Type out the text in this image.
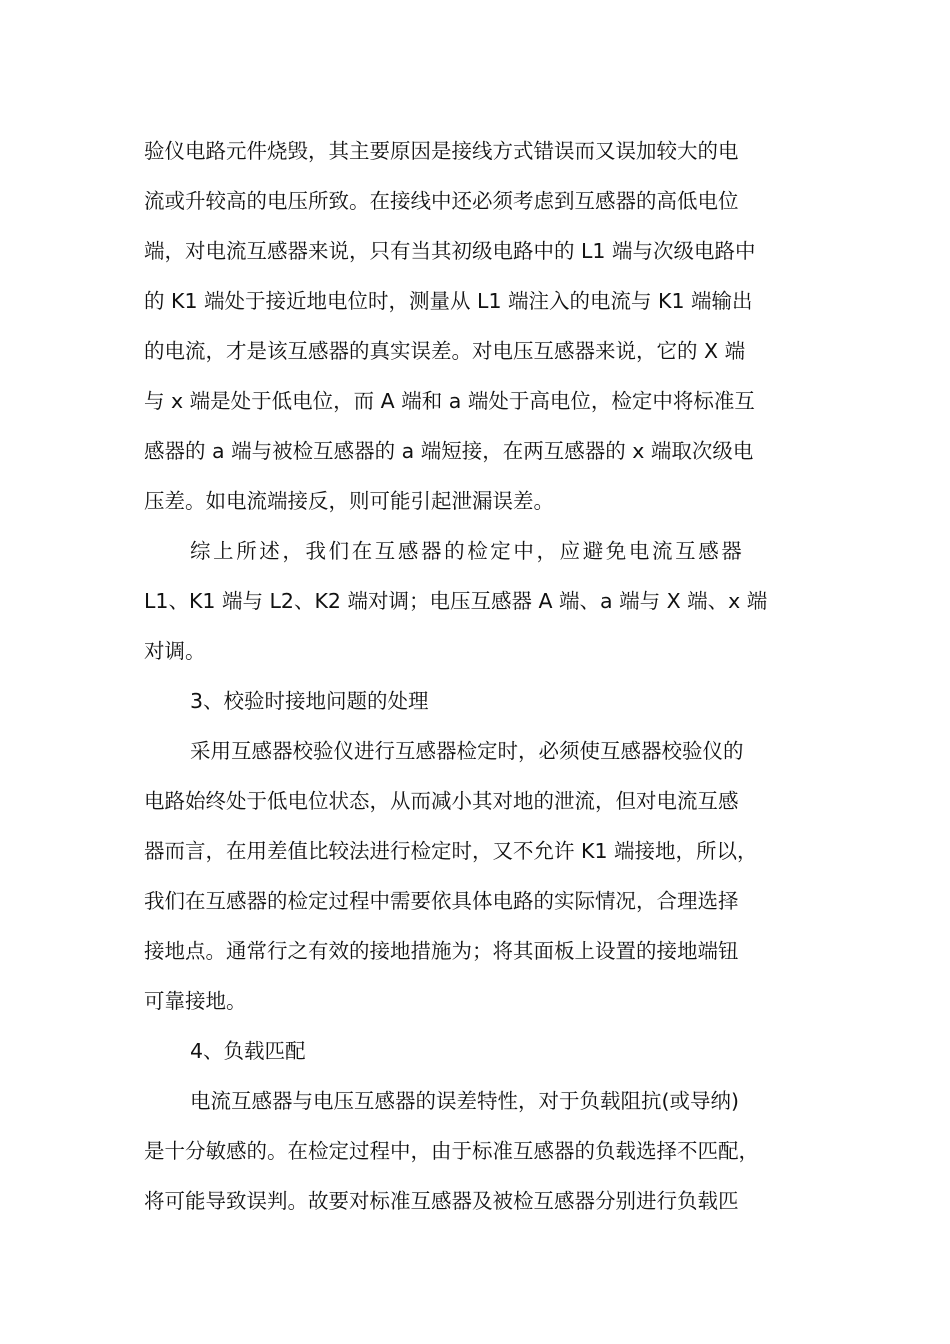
验仪电路元件烧毁，其主要原因是接线方式错误而又误加较大的电
流或升较高的电压所致。在接线中还必须考虑到互感器的高低电位
端，对电流互感器来说，只有当其初级电路中的 L1 端与次级电路中
的 K1 端处于接近地电位时，测量从 L1 端注入的电流与 K1 端输出
的电流，才是该互感器的真实误差。对电压互感器来说，它的 X 端
与 x 端是处于低电位，而 A 端和 a 端处于高电位，检定中将标准互
感器的 a 端与被检互感器的 a 端短接，在两互感器的 x 端取次级电
压差。如电流端接反，则可能引起泄漏误差。
综上所述，我们在互感器的检定中，应避免电流互感器
L1、K1 端与 L2、K2 端对调；电压互感器 A 端、a 端与 X 端、x 端
对调。
3、校验时接地问题的处理
采用互感器校验仪进行互感器检定时，必须使互感器校验仪的
电路始终处于低电位状态，从而减小其对地的泄流，但对电流互感
器而言，在用差值比较法进行检定时，又不允许 K1 端接地，所以，
我们在互感器的检定过程中需要依具体电路的实际情况，合理选择
接地点。通常行之有效的接地措施为；将其面板上设置的接地端钮
可靠接地。
4、负载匹配
电流互感器与电压互感器的误差特性，对于负载阻抗(或导纳)
是十分敏感的。在检定过程中，由于标准互感器的负载选择不匹配，
将可能导致误判。故要对标准互感器及被检互感器分别进行负载匹
